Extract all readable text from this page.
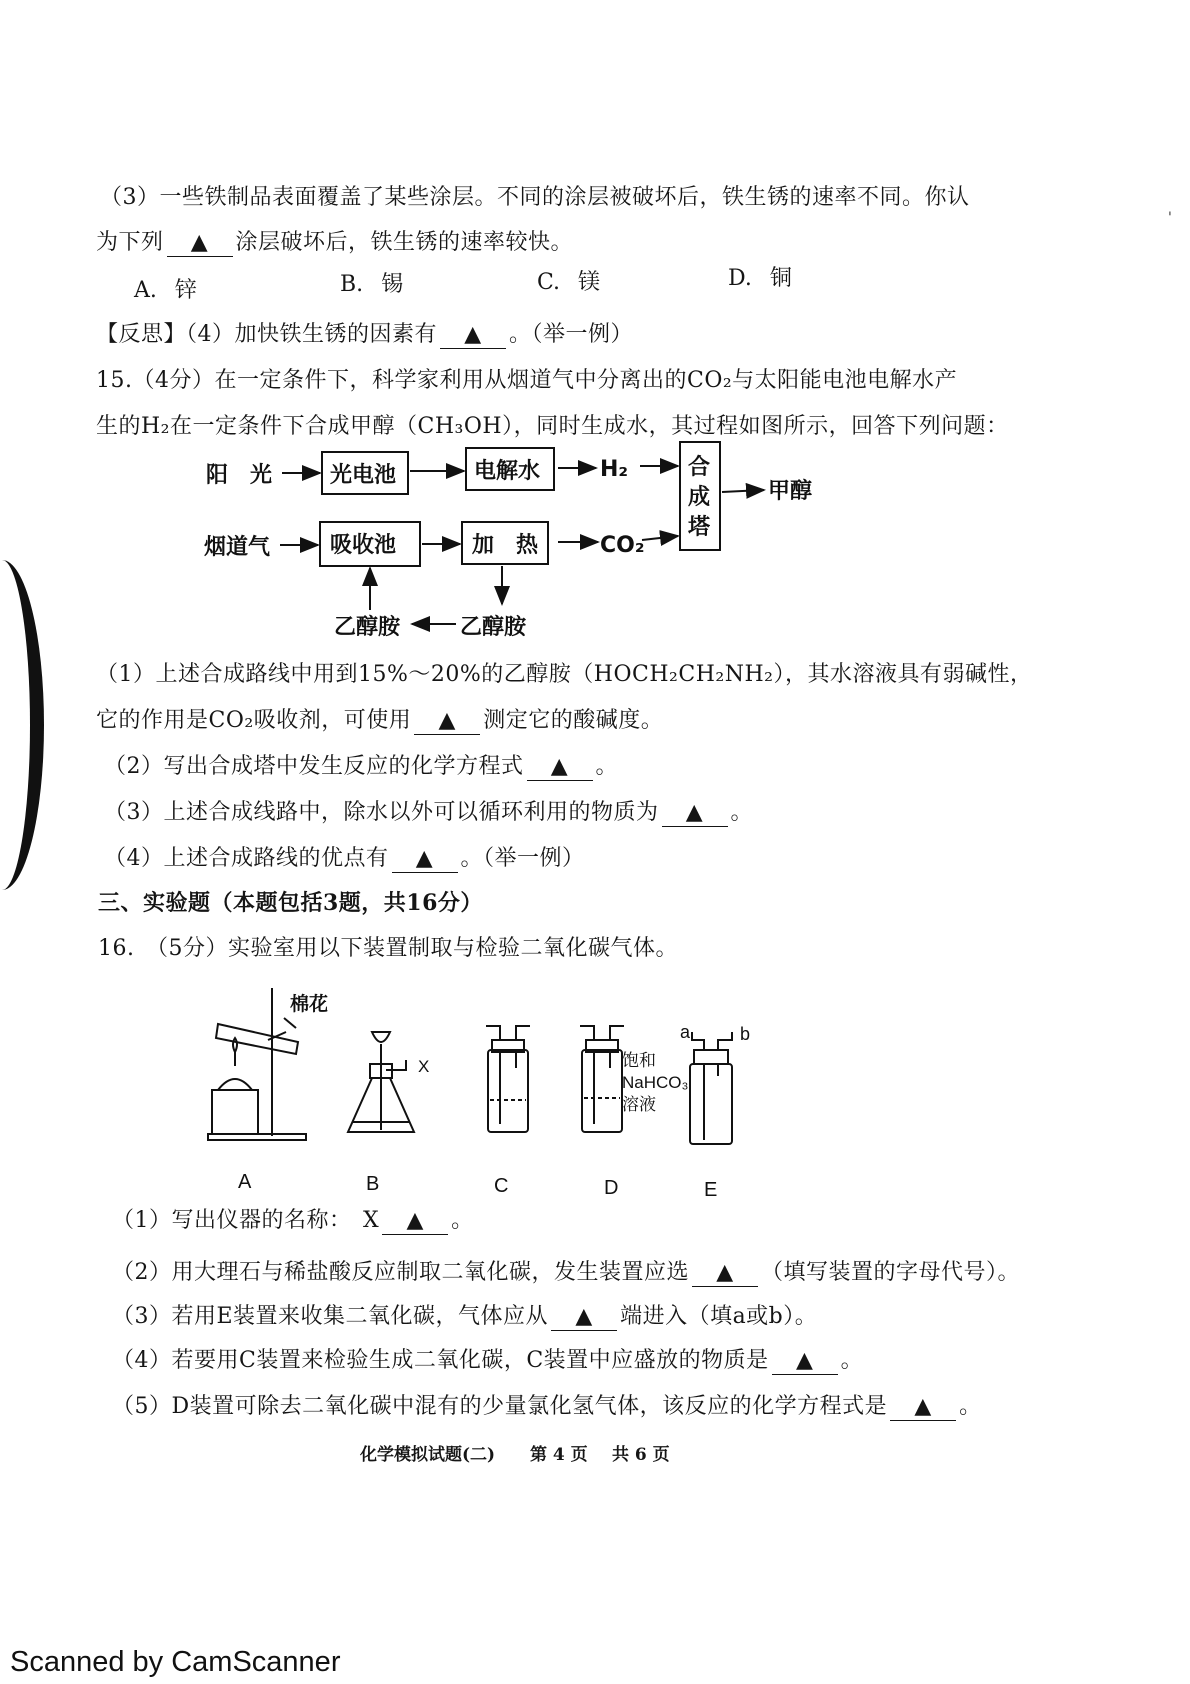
'
（3）一些铁制品表面覆盖了某些涂层。不同的涂层被破坏后，铁生锈的速率不同。你认
为下列 ▲ 涂层破坏后，铁生锈的速率较快。
A. 锌	B. 锡	C. 镁	D. 铜
【反思】（4）加快铁生锈的因素有 ▲ 。（举一例）
15.（4分）在一定条件下，科学家利用从烟道气中分离出的CO₂与太阳能电池电解水产
生的H₂在一定条件下合成甲醇（CH₃OH），同时生成水，其过程如图所示，回答下列问题：
阳　光	光电池	电解水	H₂	合
成
塔
甲醇
烟道气	吸收池	加　热	CO₂
乙醇胺	乙醇胺
（1）上述合成路线中用到15%～20%的乙醇胺（HOCH₂CH₂NH₂），其水溶液具有弱碱性，
它的作用是CO₂吸收剂，可使用 ▲ 测定它的酸碱度。
（2）写出合成塔中发生反应的化学方程式 ▲ 。
（3）上述合成线路中，除水以外可以循环利用的物质为 ▲ 。
（4）上述合成路线的优点有 ▲ 。（举一例）
三、实验题（本题包括3题，共16分）
16.　（5分）实验室用以下装置制取与检验二氧化碳气体。
棉花
X	饱和
NaHCO₃
溶液
a	b
A	B	C	D	E
（1）写出仪器的名称：　X ▲ 。
（2）用大理石与稀盐酸反应制取二氧化碳，发生装置应选 ▲ （填写装置的字母代号）。
（3）若用E装置来收集二氧化碳，气体应从 ▲ 端进入（填a或b）。
（4）若要用C装置来检验生成二氧化碳，C装置中应盛放的物质是 ▲ 。
（5）D装置可除去二氧化碳中混有的少量氯化氢气体，该反应的化学方程式是 ▲ 。
化学模拟试题(二) 第 4 页 共 6 页
Scanned by CamScanner
